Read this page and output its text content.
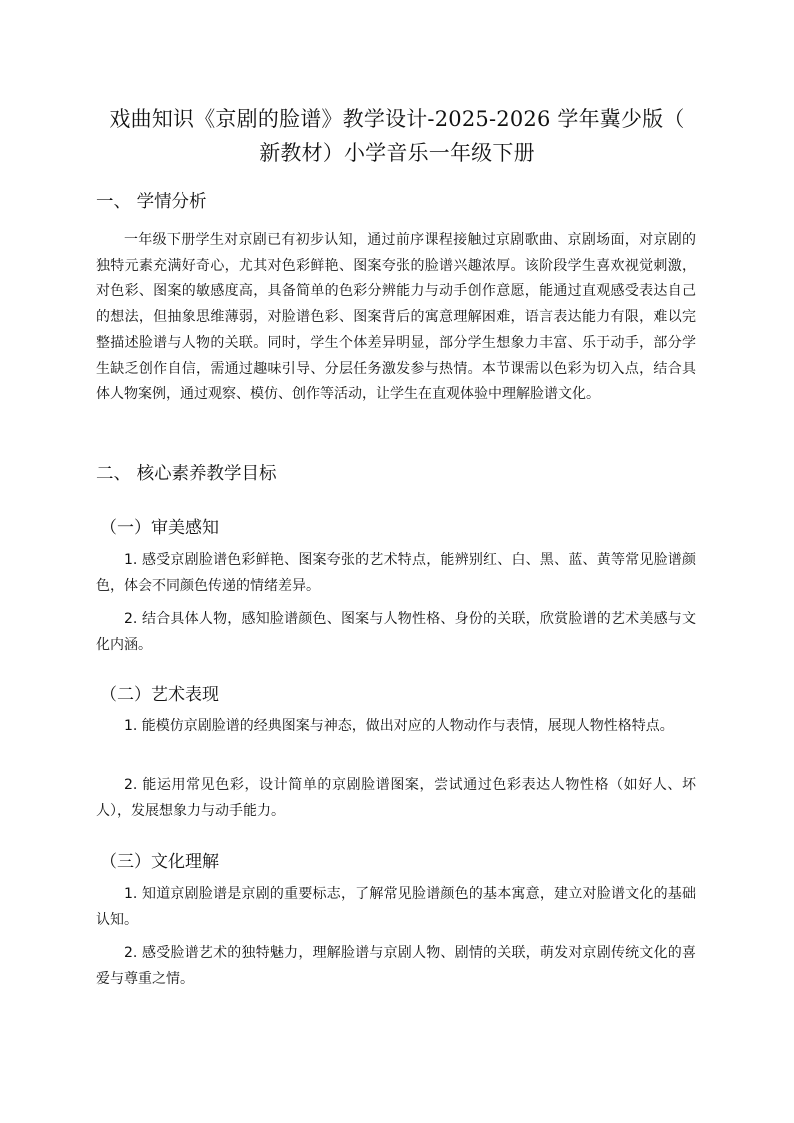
戏曲知识《京剧的脸谱》教学设计-2025-2026 学年冀少版（
新教材）小学音乐一年级下册
一、 学情分析

一年级下册学生对京剧已有初步认知，通过前序课程接触过京剧歌曲、京剧场面，对京剧的独特元素充满好奇心，尤其对色彩鲜艳、图案夸张的脸谱兴趣浓厚。该阶段学生喜欢视觉刺激，对色彩、图案的敏感度高，具备简单的色彩分辨能力与动手创作意愿，能通过直观感受表达自己的想法，但抽象思维薄弱，对脸谱色彩、图案背后的寓意理解困难，语言表达能力有限，难以完整描述脸谱与人物的关联。同时，学生个体差异明显，部分学生想象力丰富、乐于动手，部分学生缺乏创作自信，需通过趣味引导、分层任务激发参与热情。本节课需以色彩为切入点，结合具体人物案例，通过观察、模仿、创作等活动，让学生在直观体验中理解脸谱文化。

二、 核心素养教学目标
（一）审美感知

1. 感受京剧脸谱色彩鲜艳、图案夸张的艺术特点，能辨别红、白、黑、蓝、黄等常见脸谱颜色，体会不同颜色传递的情绪差异。

2. 结合具体人物，感知脸谱颜色、图案与人物性格、身份的关联，欣赏脸谱的艺术美感与文化内涵。

（二）艺术表现

1. 能模仿京剧脸谱的经典图案与神态，做出对应的人物动作与表情，展现人物性格特点。

2. 能运用常见色彩，设计简单的京剧脸谱图案，尝试通过色彩表达人物性格（如好人、坏人），发展想象力与动手能力。

（三）文化理解

1. 知道京剧脸谱是京剧的重要标志，了解常见脸谱颜色的基本寓意，建立对脸谱文化的基础认知。

2. 感受脸谱艺术的独特魅力，理解脸谱与京剧人物、剧情的关联，萌发对京剧传统文化的喜爱与尊重之情。
